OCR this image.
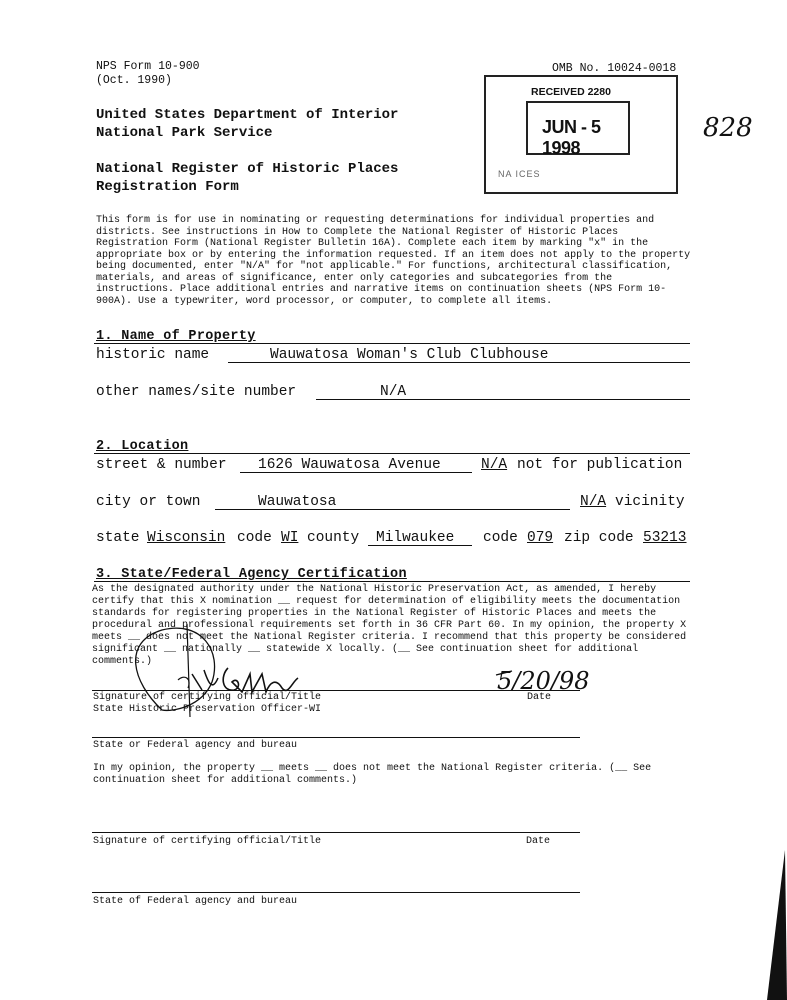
NPS Form 10-900
(Oct. 1990)
OMB No. 10024-0018
United States Department of Interior
National Park Service
National Register of Historic Places
Registration Form
RECEIVED 2280
JUN - 5 1998
NA ICES
828
This form is for use in nominating or requesting determinations for individual properties and districts. See instructions in How to Complete the National Register of Historic Places Registration Form (National Register Bulletin 16A). Complete each item by marking "x" in the appropriate box or by entering the information requested. If an item does not apply to the property being documented, enter "N/A" for "not applicable." For functions, architectural classification, materials, and areas of significance, enter only categories and subcategories from the instructions. Place additional entries and narrative items on continuation sheets (NPS Form 10-900A). Use a typewriter, word processor, or computer, to complete all items.
1. Name of Property
historic name	Wauwatosa Woman's Club Clubhouse
other names/site number	N/A
2. Location
street & number 1626 Wauwatosa Avenue	N/A not for publication
city or town	Wauwatosa	N/A vicinity
state Wisconsin code WI county Milwaukee code 079 zip code 53213
3. State/Federal Agency Certification
As the designated authority under the National Historic Preservation Act, as amended, I hereby certify that this X nomination __ request for determination of eligibility meets the documentation standards for registering properties in the National Register of Historic Places and meets the procedural and professional requirements set forth in 36 CFR Part 60. In my opinion, the property X meets __ does not meet the National Register criteria. I recommend that this property be considered significant __ nationally __ statewide X locally. (__ See continuation sheet for additional comments.)
5/20/98
Signature of certifying official/Title	Date
State Historic Preservation Officer-WI
State or Federal agency and bureau
In my opinion, the property __ meets __ does not meet the National Register criteria. (__ See continuation sheet for additional comments.)
Signature of certifying official/Title	Date
State of Federal agency and bureau
